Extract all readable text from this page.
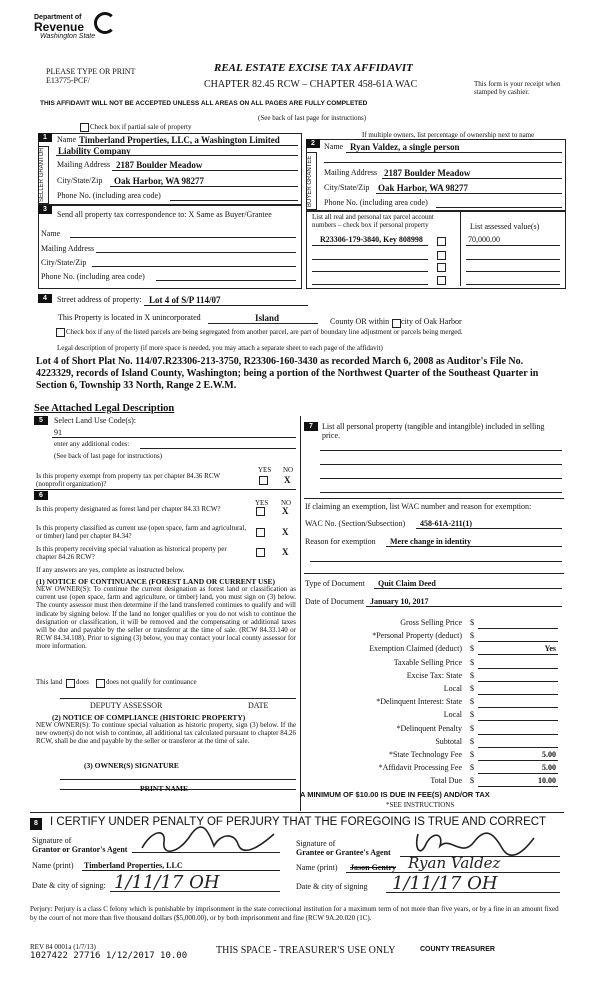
Department of
Revenue
Washington State
PLEASE TYPE OR PRINT
E13775-PCF/
REAL ESTATE EXCISE TAX AFFIDAVIT
CHAPTER 82.45 RCW – CHAPTER 458-61A WAC	This form is your receipt when stamped by cashier.
THIS AFFIDAVIT WILL NOT BE ACCEPTED UNLESS ALL AREAS ON ALL PAGES ARE FULLY COMPLETED
(See back of last page for instructions)
Check box if partial sale of property
If multiple owners, list percentage of ownership next to name
1
SELLER GRANTOR
Name Timberland Properties, LLC, a Washington Limited
Liability Company
Mailing Address 2187 Boulder Meadow
City/State/Zip Oak Harbor, WA 98277
Phone No. (including area code)
2
BUYER GRANTEE
Name Ryan Valdez, a single person
Mailing Address 2187 Boulder Meadow
City/State/Zip Oak Harbor, WA 98277
Phone No. (including area code)
3
Send all property tax correspondence to: X Same as Buyer/Grantee
Name
Mailing Address
City/State/Zip
Phone No. (including area code)
List all real and personal tax parcel account numbers – check box if personal property	List assessed value(s)
R23306-179-3840, Key 808998	70,000.00
4	Street address of property: Lot 4 of S/P 114/07
This Property is located in X unincorporated	Island	County OR within city of Oak Harbor
Check box if any of the listed parcels are being segregated from another parcel, are part of boundary line adjustment or parcels being merged.
Legal description of property (if more space is needed, you may attach a separate sheet to each page of the affidavit)
Lot 4 of Short Plat No. 114/07.R23306-213-3750, R23306-160-3430 as recorded March 6, 2008 as Auditor's File No. 4223329, records of Island County, Washington; being a portion of the Northwest Quarter of the Southeast Quarter in Section 6, Township 33 North, Range 2 E.W.M.
See Attached Legal Description
5	Select Land Use Code(s):
91
enter any additional codes:
(See back of last page for instructions)
YES NO
Is this property exempt from property tax per chapter 84.36 RCW (nonprofit organization)?	X
6
YES NO
Is this property designated as forest land per chapter 84.33 RCW?	X
Is this property classified as current use (open space, farm and agricultural, or timber) land per chapter 84.34?	X
Is this property receiving special valuation as historical property per chapter 84.26 RCW?	X
If any answers are yes, complete as instructed below.
(1) NOTICE OF CONTINUANCE (FOREST LAND OR CURRENT USE)
NEW OWNER(S): To continue the current designation as forest land or classification as current use (open space, farm and agriculture, or timber) land, you must sign on (3) below. The county assessor must then determine if the land transferred continues to qualify and will indicate by signing below. If the land no longer qualifies or you do not wish to continue the designation or classification, it will be removed and the compensating or additional taxes will be due and payable by the seller or transferor at the time of sale. (RCW 84.33.140 or RCW 84.34.108). Prior to signing (3) below, you may contact your local county assessor for more information.
This land does does not qualify for continuance
DEPUTY ASSESSOR	DATE
(2) NOTICE OF COMPLIANCE (HISTORIC PROPERTY)
NEW OWNER(S): To continue special valuation as historic property, sign (3) below. If the new owner(s) do not wish to continue, all additional tax calculated pursuant to chapter 84.26 RCW, shall be due and payable by the seller or transferor at the time of sale.
(3) OWNER(S) SIGNATURE
PRINT NAME
7	List all personal property (tangible and intangible) included in selling price.
If claiming an exemption, list WAC number and reason for exemption:
WAC No. (Section/Subsection) 458-61A-211(1)
Reason for exemption Mere change in identity
Type of Document Quit Claim Deed
Date of Document January 10, 2017
Gross Selling Price $
*Personal Property (deduct) $
Exemption Claimed (deduct) $	Yes
Taxable Selling Price $
Excise Tax: State $
Local $
*Delinquent Interest: State $
Local $
*Delinquent Penalty $
Subtotal $
*State Technology Fee $	5.00
*Affidavit Processing Fee $	5.00
Total Due $	10.00
A MINIMUM OF $10.00 IS DUE IN FEE(S) AND/OR TAX
*SEE INSTRUCTIONS
8	I CERTIFY UNDER PENALTY OF PERJURY THAT THE FOREGOING IS TRUE AND CORRECT
Signature of
Grantor or Grantor's Agent
Name (print) Timberland Properties, LLC
Date & city of signing: 1/11/17 OH
Signature of
Grantee or Grantee's Agent
Name (print) Jason Gentry Ryan Valdez
Date & city of signing 1/11/17 OH
Perjury: Perjury is a class C felony which is punishable by imprisonment in the state correctional institution for a maximum term of not more than five years, or by a fine in an amount fixed by the court of not more than five thousand dollars ($5,000.00), or by both imprisonment and fine (RCW 9A.20.020 (1C).
REV 84 0001a (1/7/13)
1027422 27716 1/12/2017 10.00	THIS SPACE - TREASURER'S USE ONLY	COUNTY TREASURER
